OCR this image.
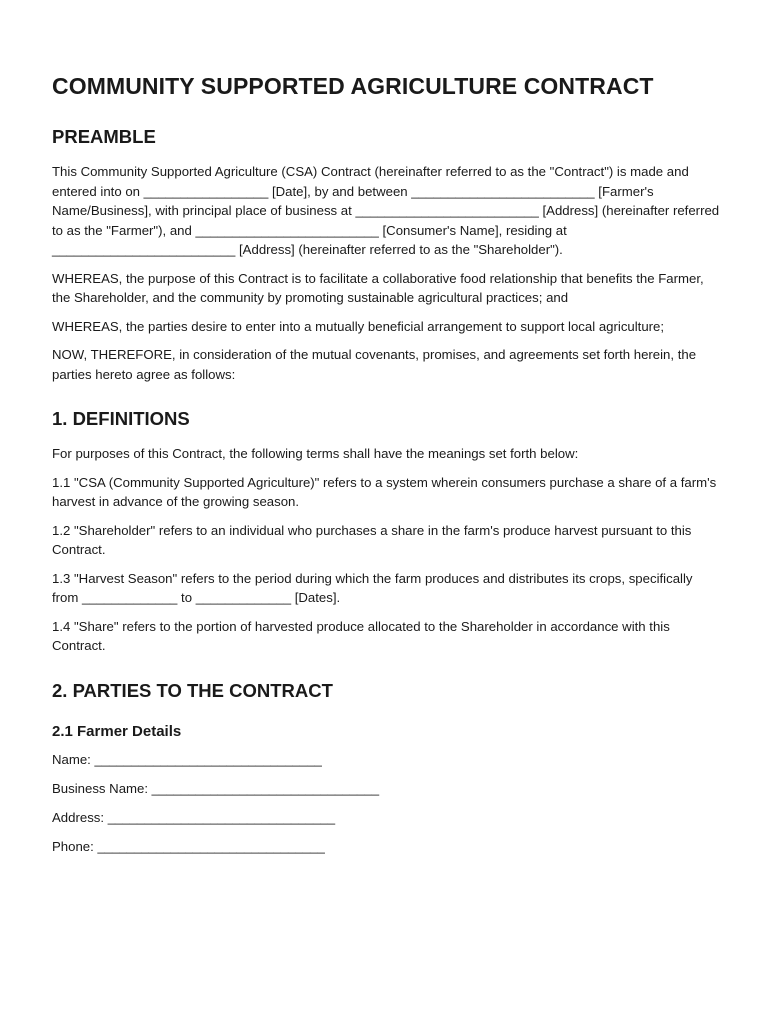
COMMUNITY SUPPORTED AGRICULTURE CONTRACT
PREAMBLE

This Community Supported Agriculture (CSA) Contract (hereinafter referred to as the "Contract") is made and entered into on _________________ [Date], by and between _________________________ [Farmer's Name/Business], with principal place of business at _________________________ [Address] (hereinafter referred to as the "Farmer"), and _________________________ [Consumer's Name], residing at _________________________ [Address] (hereinafter referred to as the "Shareholder").

WHEREAS, the purpose of this Contract is to facilitate a collaborative food relationship that benefits the Farmer, the Shareholder, and the community by promoting sustainable agricultural practices; and

WHEREAS, the parties desire to enter into a mutually beneficial arrangement to support local agriculture;

NOW, THEREFORE, in consideration of the mutual covenants, promises, and agreements set forth herein, the parties hereto agree as follows:

1. DEFINITIONS

For purposes of this Contract, the following terms shall have the meanings set forth below:

1.1 "CSA (Community Supported Agriculture)" refers to a system wherein consumers purchase a share of a farm's harvest in advance of the growing season.

1.2 "Shareholder" refers to an individual who purchases a share in the farm's produce harvest pursuant to this Contract.

1.3 "Harvest Season" refers to the period during which the farm produces and distributes its crops, specifically from _____________ to _____________ [Dates].

1.4 "Share" refers to the portion of harvested produce allocated to the Shareholder in accordance with this Contract.

2. PARTIES TO THE CONTRACT
2.1 Farmer Details

Name: _______________________________

Business Name: _______________________________

Address: _______________________________

Phone: _______________________________
